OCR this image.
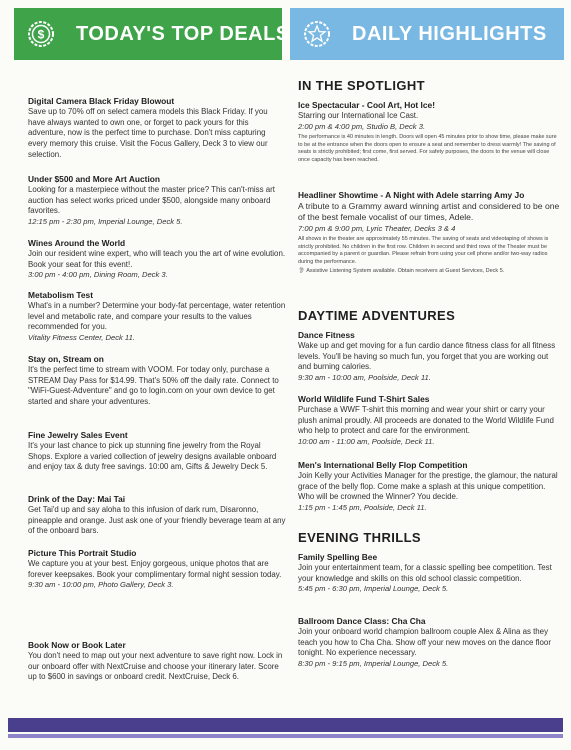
$ TODAY'S TOP DEALS	DAILY HIGHLIGHTS
Digital Camera Black Friday Blowout
Save up to 70% off on select camera models this Black Friday. If you have always wanted to own one, or forget to pack yours for this adventure, now is the perfect time to purchase. Don't miss capturing every memory this cruise. Visit the Focus Gallery, Deck 3 to view our selection.
Under $500 and More Art Auction
Looking for a masterpiece without the master price? This can't-miss art auction has select works priced under $500, alongside many onboard favorites.
12:15 pm - 2:30 pm, Imperial Lounge, Deck 5.
Wines Around the World
Join our resident wine expert, who will teach you the art of wine evolution. Book your seat for this event!.
3:00 pm - 4:00 pm, Dining Room, Deck 3.
Metabolism Test
What's in a number? Determine your body-fat percentage, water retention level and metabolic rate, and compare your results to the values recommended for you.
Vitality Fitness Center, Deck 11.
Stay on, Stream on
It's the perfect time to stream with VOOM. For today only, purchase a STREAM Day Pass for $14.99. That's 50% off the daily rate. Connect to "WiFi-Guest-Adventure" and go to login.com on your own device to get started and share your adventures.
Fine Jewelry Sales Event
It's your last chance to pick up stunning fine jewelry from the Royal Shops. Explore a varied collection of jewelry designs available onboard and enjoy tax & duty free savings. 10:00 am, Gifts & Jewelry Deck 5.
Drink of the Day: Mai Tai
Get Tai'd up and say aloha to this infusion of dark rum, Disaronno, pineapple and orange. Just ask one of your friendly beverage team at any of the onboard bars.
Picture This Portrait Studio
We capture you at your best. Enjoy gorgeous, unique photos that are forever keepsakes. Book your complimentary formal night session today.
9:30 am - 10:00 pm, Photo Gallery, Deck 3.
Book Now or Book Later
You don't need to map out your next adventure to save right now. Lock in our onboard offer with NextCruise and choose your itinerary later. Score up to $600 in savings or onboard credit. NextCruise, Deck 6.
IN THE SPOTLIGHT
Ice Spectacular - Cool Art, Hot Ice!
Starring our International Ice Cast.
2:00 pm & 4:00 pm, Studio B, Deck 3.
The performance is 40 minutes in length. Doors will open 45 minutes prior to show time, please make sure to be at the entrance when the doors open to ensure a seat and remember to dress warmly! The saving of seats is strictly prohibited; first come, first served. For safety purposes, the doors to the venue will close once capacity has been reached.
Headliner Showtime - A Night with Adele starring Amy Jo
A tribute to a Grammy award winning artist and considered to be one of the best female vocalist of our times, Adele.
7:00 pm & 9:00 pm, Lyric Theater, Decks 3 & 4
All shows in the theater are approximately 55 minutes. The saving of seats and videotaping of shows is strictly prohibited. No children in the first row. Children in second and third rows of the Theater must be accompanied by a parent or guardian. Please refrain from using your cell phone and/or two-way radios during the performance.
👂︎ Assistive Listening System available. Obtain receivers at Guest Services, Deck 5.
DAYTIME ADVENTURES
Dance Fitness
Wake up and get moving for a fun cardio dance fitness class for all fitness levels. You'll be having so much fun, you forget that you are working out and burning calories.
9:30 am - 10:00 am, Poolside, Deck 11.
World Wildlife Fund T-Shirt Sales
Purchase a WWF T-shirt this morning and wear your shirt or carry your plush animal proudly. All proceeds are donated to the World Wildlife Fund who help to protect and care for the environment.
10:00 am - 11:00 am, Poolside, Deck 11.
Men's International Belly Flop Competition
Join Kelly your Activities Manager for the prestige, the glamour, the natural grace of the belly flop. Come make a splash at this unique competition. Who will be crowned the Winner? You decide.
1:15 pm - 1:45 pm, Poolside, Deck 11.
EVENING THRILLS
Family Spelling Bee
Join your entertainment team, for a classic spelling bee competition. Test your knowledge and skills on this old school classic competition.
5:45 pm - 6:30 pm, Imperial Lounge, Deck 5.
Ballroom Dance Class: Cha Cha
Join your onboard world champion ballroom couple Alex & Alina as they teach you how to Cha Cha. Show off your new moves on the dance floor tonight. No experience necessary.
8:30 pm - 9:15 pm, Imperial Lounge, Deck 5.
